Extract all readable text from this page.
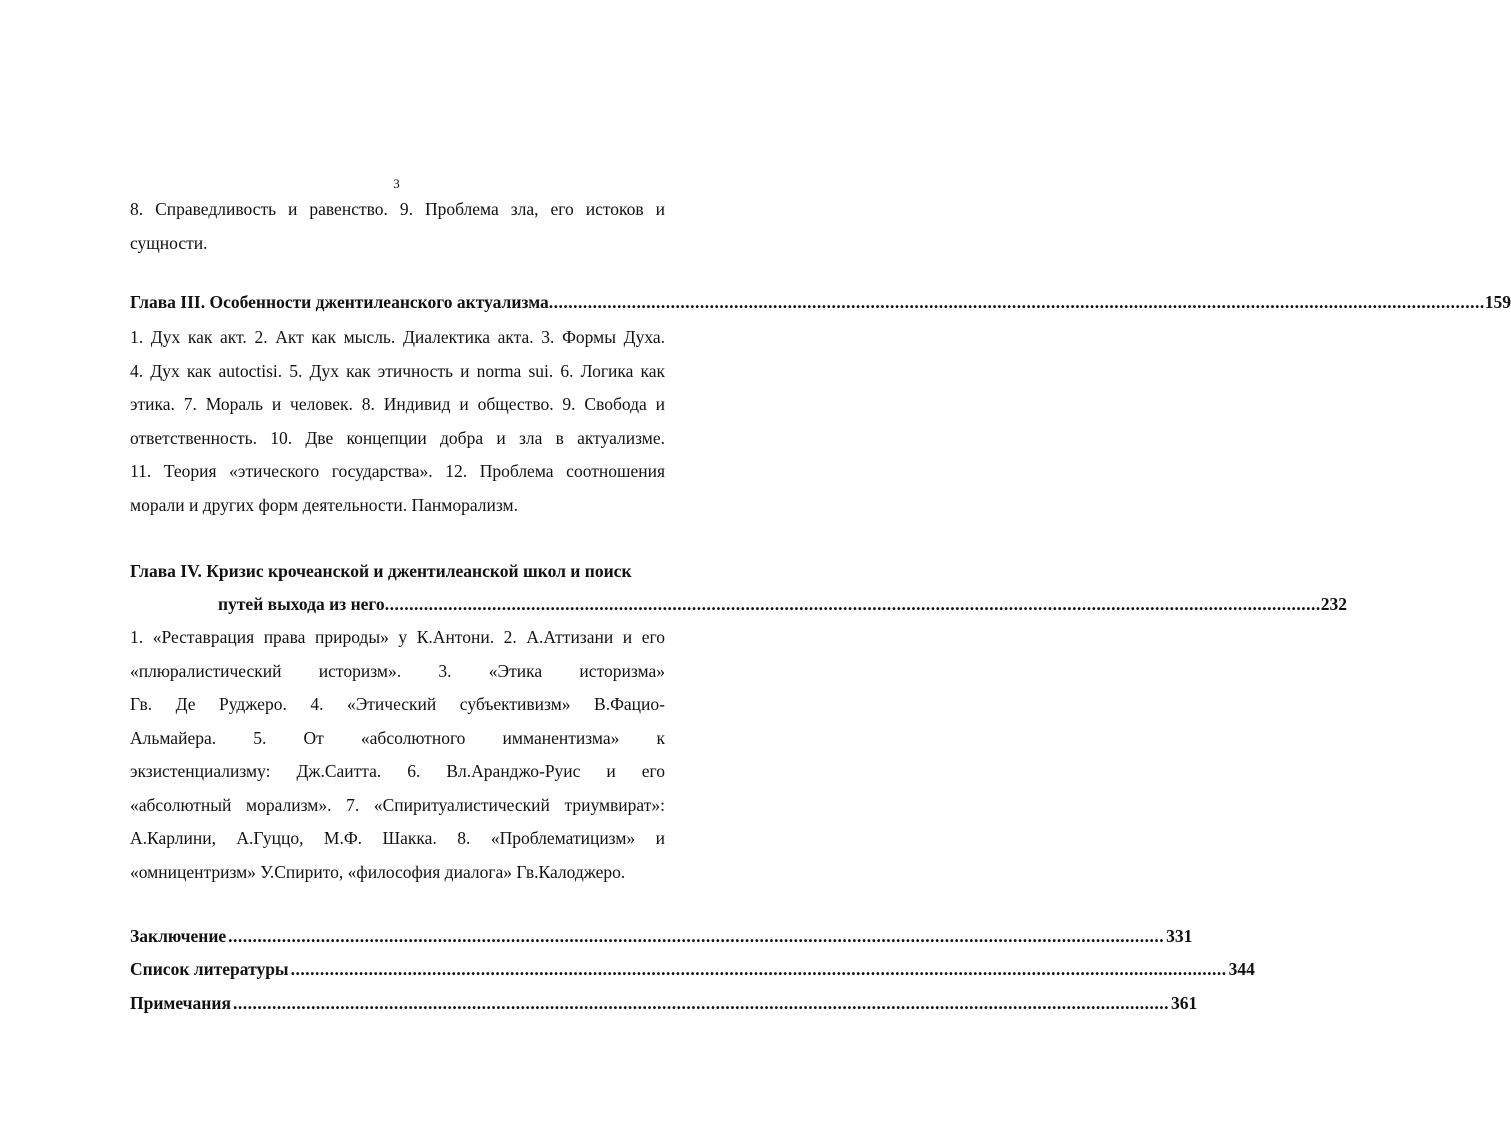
3
8. Справедливость и равенство. 9. Проблема зла, его истоков и
сущности.
Глава III. Особенности джентилеанского актуализма .....	159
1. Дух как акт. 2. Акт как мысль. Диалектика акта. 3. Формы Духа.
4. Дух как autoctisi. 5. Дух как этичность и norma sui. 6. Логика как
этика. 7. Мораль и человек. 8. Индивид и общество. 9. Свобода и
ответственность. 10. Две концепции добра и зла в актуализме.
11. Теория «этического государства». 12. Проблема соотношения
морали и других форм деятельности. Панморализм.
Глава IV. Кризис крочеанской и джентилеанской школ и поиск
путей выхода из него .....	232
1. «Реставрация права природы» у К.Антони. 2. А.Аттизани и его
«плюралистический историзм». 3. «Этика историзма»
Гв. Де Руджеро. 4. «Этический субъективизм» В.Фацио-
Альмайера. 5. От «абсолютного имманентизма» к
экзистенциализму: Дж.Саитта. 6. Вл.Аранджо-Руис и его
«абсолютный морализм». 7. «Спиритуалистический триумвират»:
А.Карлини, А.Гуццо, М.Ф. Шакка. 8. «Проблематицизм» и
«омницентризм» У.Спирито, «философия диалога» Гв.Калоджеро.
Заключение .....	331
Список литературы .....	344
Примечания .....	361
